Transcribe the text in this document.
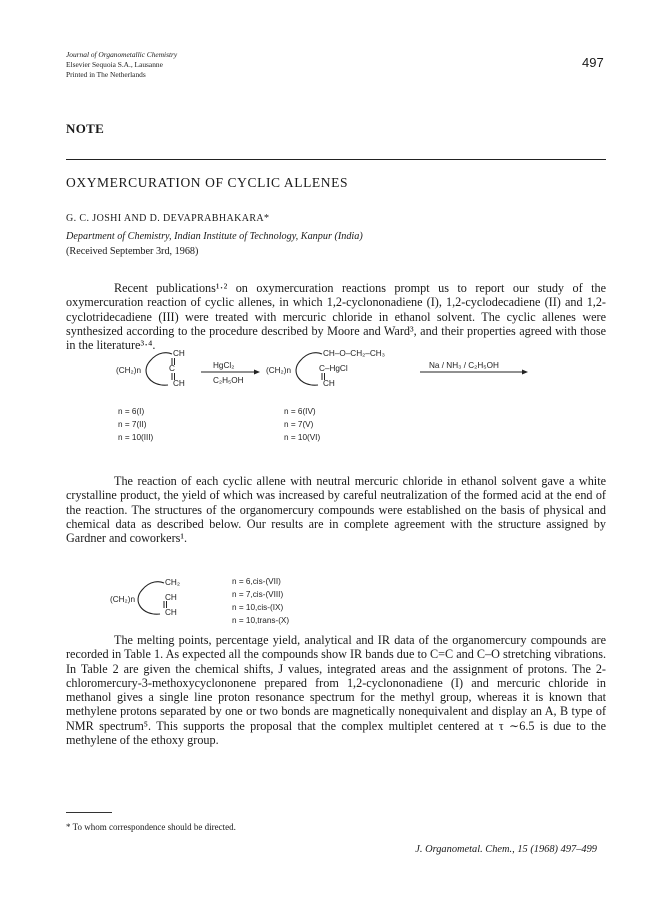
Journal of Organometallic Chemistry
Elsevier Sequoia S.A., Lausanne
Printed in The Netherlands
497
NOTE
OXYMERCURATION OF CYCLIC ALLENES
G. C. JOSHI AND D. DEVAPRABHAKARA*
Department of Chemistry, Indian Institute of Technology, Kanpur (India)
(Received September 3rd, 1968)

Recent publications¹·² on oxymercuration reactions prompt us to report our study of the oxymercuration reaction of cyclic allenes, in which 1,2-cyclononadiene (I), 1,2-cyclodecadiene (II) and 1,2-cyclotridecadiene (III) were treated with mercuric chloride in ethanol solvent. The cyclic allenes were synthesized according to the procedure described by Moore and Ward³, and their properties agreed with those in the literature³·⁴.

(CH₂)n
CH
C
CH
HgCl₂
C₂H₅OH
(CH₂)n
CH–O–CH₂–CH₃
C–HgCl
CH
Na / NH₃ / C₂H₅OH
n = 6(I)
n = 7(II)
n = 10(III)
n = 6(IV)
n = 7(V)
n = 10(VI)
(CH₂)n
CH₂
CH
CH
n = 6,cis-(VII)
n = 7,cis-(VIII)
n = 10,cis-(IX)
n = 10,trans-(X)

The reaction of each cyclic allene with neutral mercuric chloride in ethanol solvent gave a white crystalline product, the yield of which was increased by careful neutralization of the formed acid at the end of the reaction. The structures of the organomercury compounds were established on the basis of physical and chemical data as described below. Our results are in complete agreement with the structure assigned by Gardner and coworkers¹.

The melting points, percentage yield, analytical and IR data of the organomercury compounds are recorded in Table 1. As expected all the compounds show IR bands due to C=C and C–O stretching vibrations. In Table 2 are given the chemical shifts, J values, integrated areas and the assignment of protons. The 2-chloromercury-3-methoxycyclononene prepared from 1,2-cyclononadiene (I) and mercuric chloride in methanol gives a single line proton resonance spectrum for the methyl group, whereas it is known that methylene protons separated by one or two bonds are magnetically nonequivalent and display an A, B type of NMR spectrum⁵. This supports the proposal that the complex multiplet centered at τ ∼6.5 is due to the methylene of the ethoxy group.

* To whom correspondence should be directed.
J. Organometal. Chem., 15 (1968) 497–499
